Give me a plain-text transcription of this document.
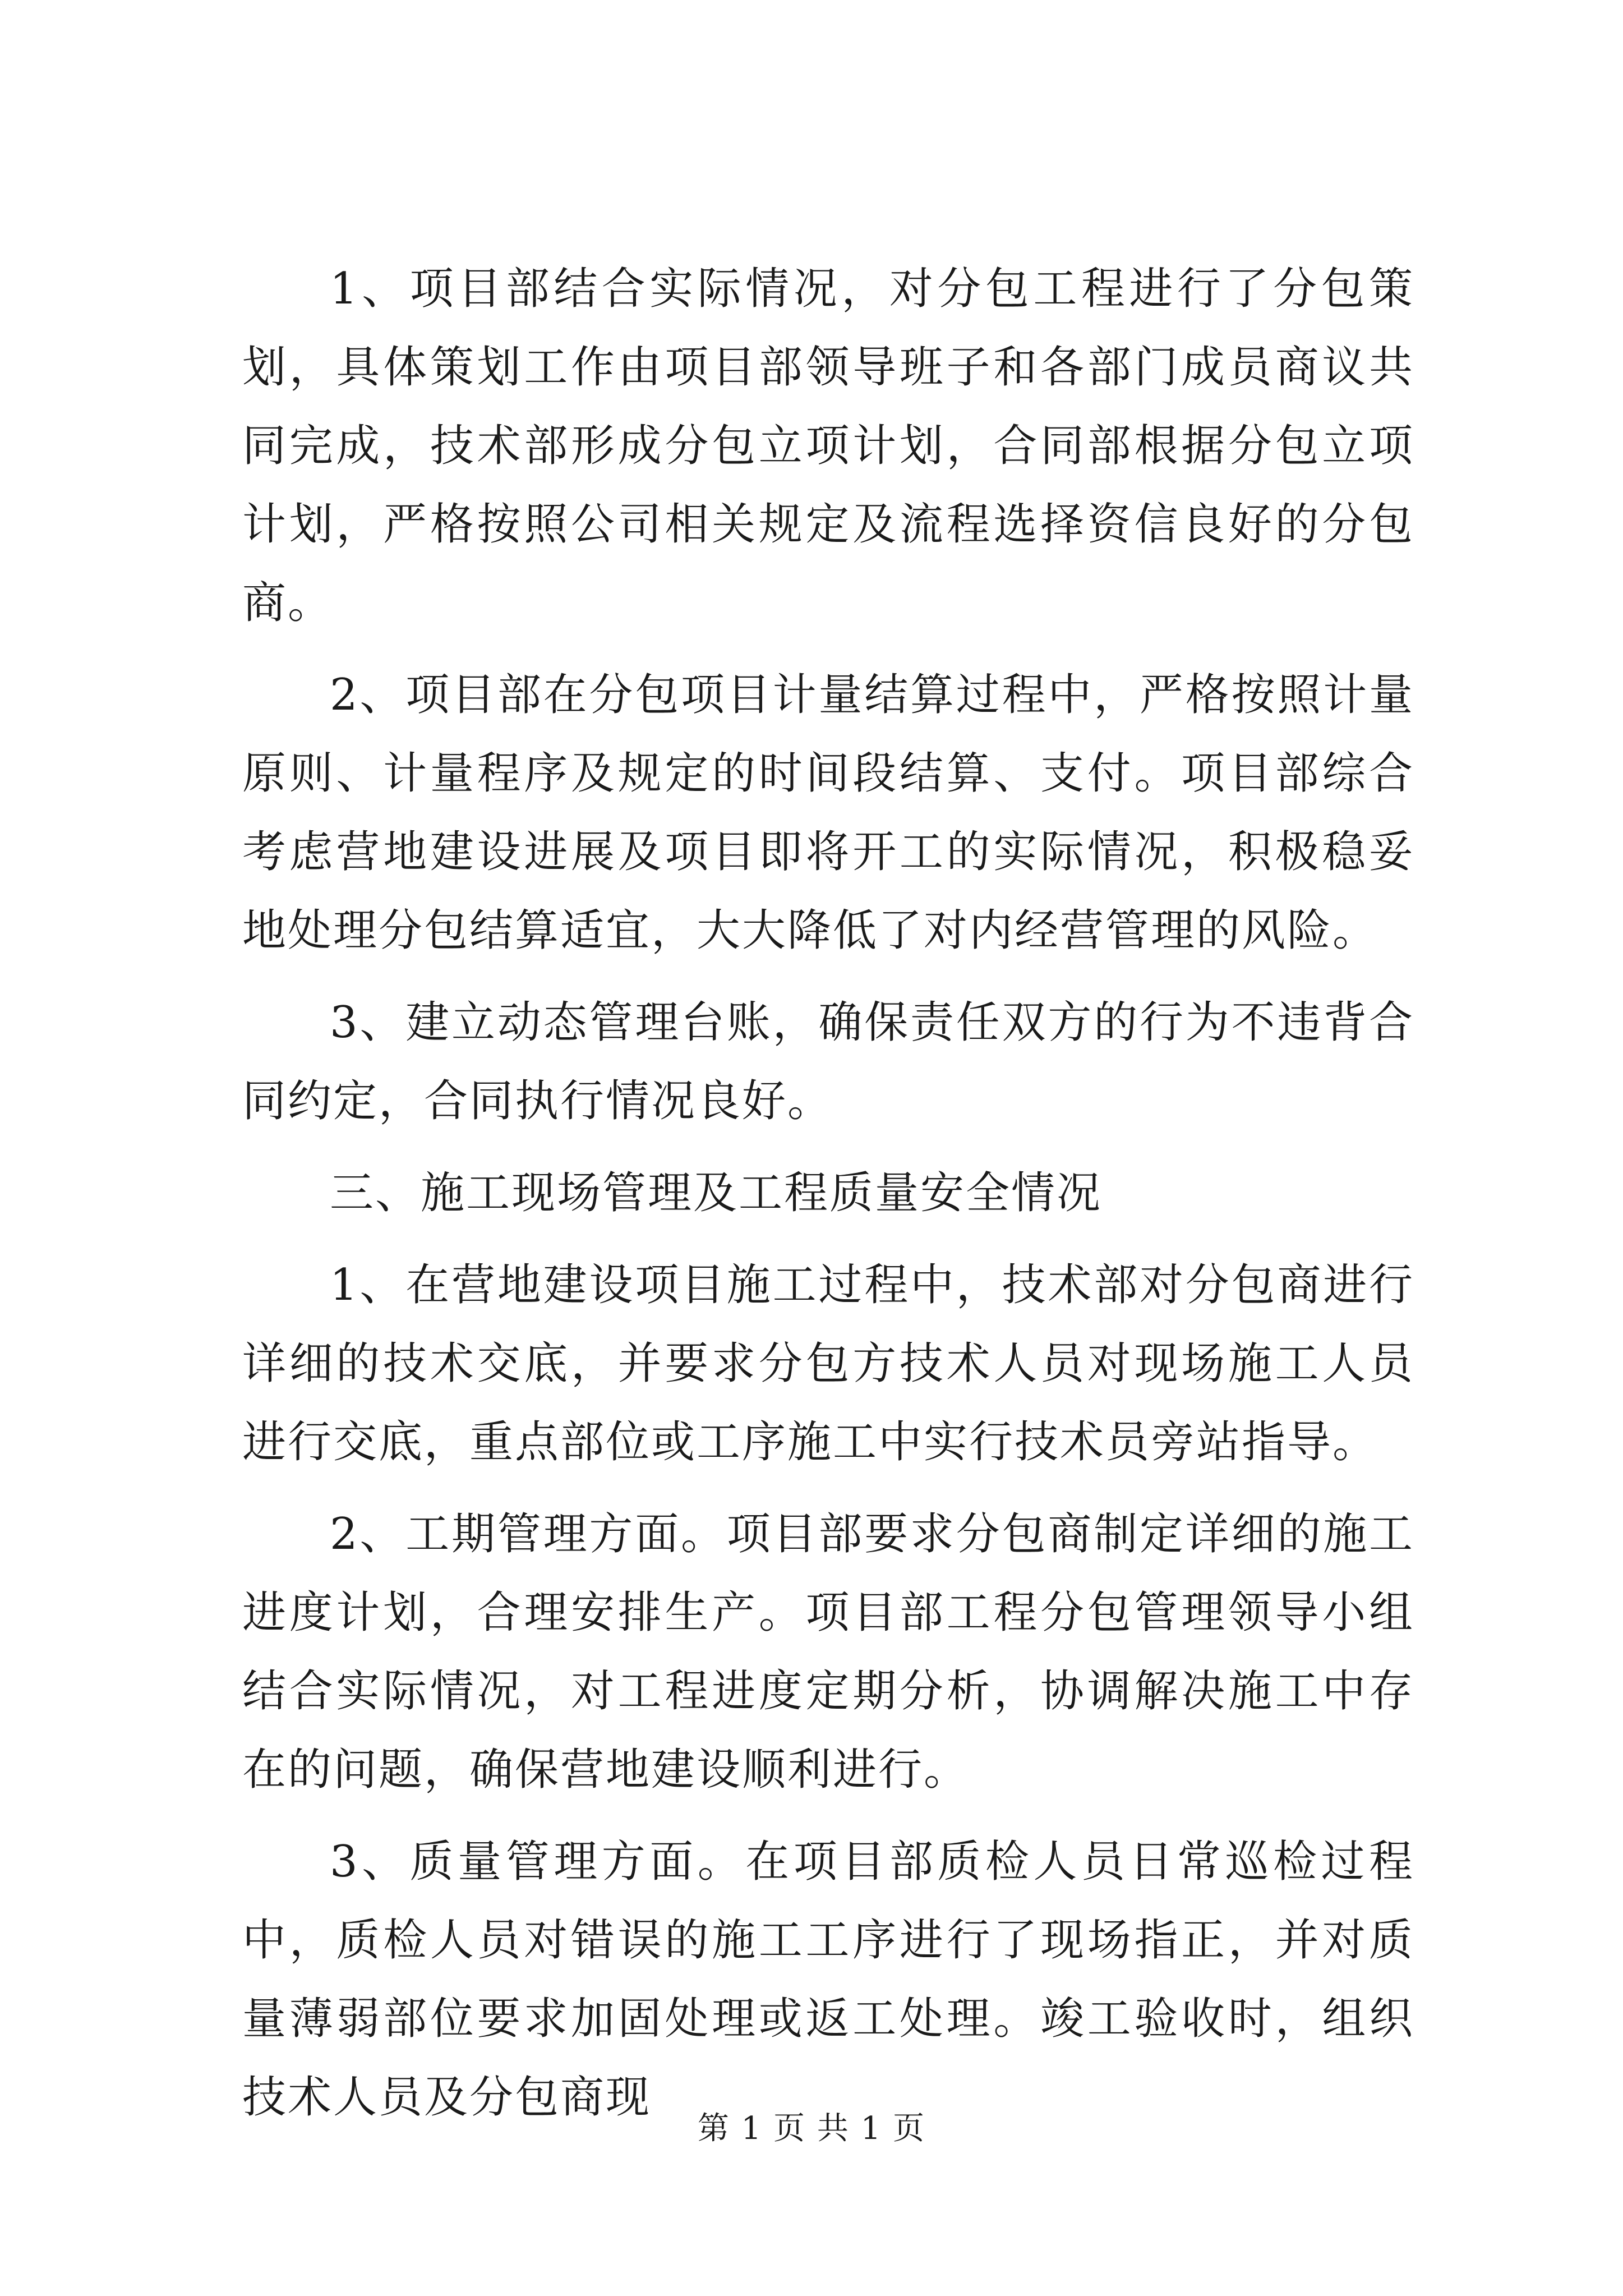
1、项目部结合实际情况，对分包工程进行了分包策划，具体策划工作由项目部领导班子和各部门成员商议共同完成，技术部形成分包立项计划，合同部根据分包立项计划，严格按照公司相关规定及流程选择资信良好的分包商。

2、项目部在分包项目计量结算过程中，严格按照计量原则、计量程序及规定的时间段结算、支付。项目部综合考虑营地建设进展及项目即将开工的实际情况，积极稳妥地处理分包结算适宜，大大降低了对内经营管理的风险。

3、建立动态管理台账，确保责任双方的行为不违背合同约定，合同执行情况良好。

三、施工现场管理及工程质量安全情况

1、在营地建设项目施工过程中，技术部对分包商进行详细的技术交底，并要求分包方技术人员对现场施工人员进行交底，重点部位或工序施工中实行技术员旁站指导。

2、工期管理方面。项目部要求分包商制定详细的施工进度计划，合理安排生产。项目部工程分包管理领导小组结合实际情况，对工程进度定期分析，协调解决施工中存在的问题，确保营地建设顺利进行。

3、质量管理方面。在项目部质检人员日常巡检过程中，质检人员对错误的施工工序进行了现场指正，并对质量薄弱部位要求加固处理或返工处理。竣工验收时，组织技术人员及分包商现

第 1 页 共 1 页
